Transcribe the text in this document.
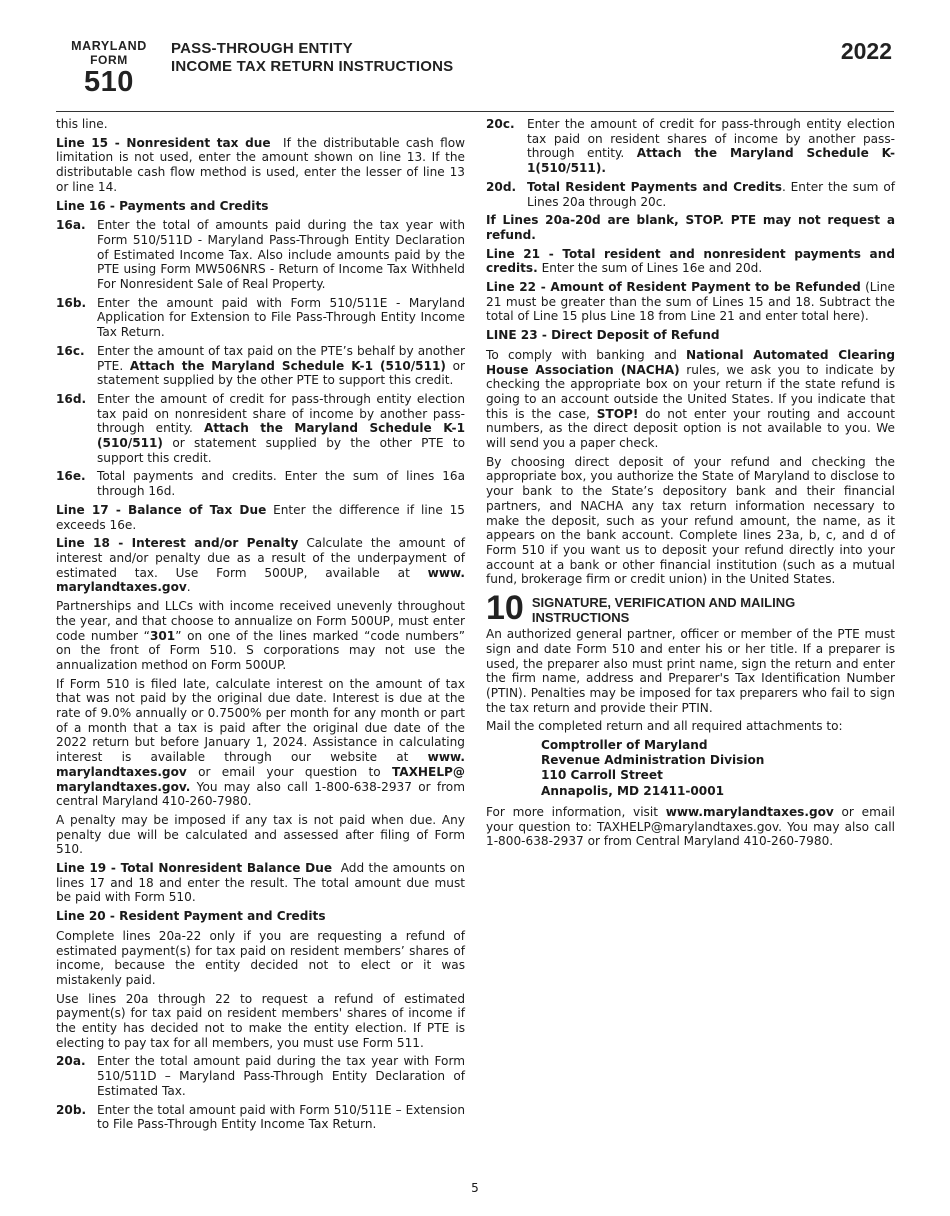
MARYLAND
FORM
510
PASS-THROUGH ENTITY
INCOME TAX RETURN INSTRUCTIONS
2022

this line.

Line 15 - Nonresident tax due If the distributable cash flow limitation is not used, enter the amount shown on line 13. If the distributable cash flow method is used, enter the lesser of line 13 or line 14.

Line 16 - Payments and Credits
16a. Enter the total of amounts paid during the tax year with Form 510/511D - Maryland Pass-Through Entity Declaration of Estimated Income Tax. Also include amounts paid by the PTE using Form MW506NRS - Return of Income Tax Withheld For Nonresident Sale of Real Property.
16b. Enter the amount paid with Form 510/511E - Maryland Application for Extension to File Pass-Through Entity Income Tax Return.
16c.	Enter the amount of tax paid on the PTE’s behalf by another PTE. Attach the Maryland Schedule K-1 (510/511) or statement supplied by the other PTE to support this credit.
16d. Enter the amount of credit for pass-through entity election tax paid on nonresident share of income by another pass-through entity. Attach the Maryland Schedule K-1 (510/511) or statement supplied by the other PTE to support this credit.
16e. Total payments and credits. Enter the sum of lines 16a through 16d.

Line 17 - Balance of Tax Due Enter the difference if line 15 exceeds 16e.

Line 18 - Interest and/or Penalty Calculate the amount of interest and/or penalty due as a result of the underpayment of estimated tax. Use Form 500UP, available at www. marylandtaxes.gov.

Partnerships and LLCs with income received unevenly throughout the year, and that choose to annualize on Form 500UP, must enter code number “301” on one of the lines marked “code numbers” on the front of Form 510. S corporations may not use the annualization method on Form 500UP.

If Form 510 is filed late, calculate interest on the amount of tax that was not paid by the original due date. Interest is due at the rate of 9.0% annually or 0.7500% per month for any month or part of a month that a tax is paid after the original due date of the 2022 return but before January 1, 2024. Assistance in calculating interest is available through our website at www. marylandtaxes.gov or email your question to TAXHELP@ marylandtaxes.gov. You may also call 1-800-638-2937 or from central Maryland 410-260-7980.

A penalty may be imposed if any tax is not paid when due. Any penalty due will be calculated and assessed after filing of Form 510.

Line 19 - Total Nonresident Balance Due Add the amounts on lines 17 and 18 and enter the result. The total amount due must be paid with Form 510.

Line 20 - Resident Payment and Credits

Complete lines 20a-22 only if you are requesting a refund of estimated payment(s) for tax paid on resident members’ shares of income, because the entity decided not to elect or it was mistakenly paid.

Use lines 20a through 22 to request a refund of estimated payment(s) for tax paid on resident members' shares of income if the entity has decided not to make the entity election. If PTE is electing to pay tax for all members, you must use Form 511.

20a. Enter the total amount paid during the tax year with Form 510/511D – Maryland Pass-Through Entity Declaration of Estimated Tax.
20b. Enter the total amount paid with Form 510/511E – Extension to File Pass-Through Entity Income Tax Return.
20c.	Enter the amount of credit for pass-through entity election tax paid on resident shares of income by another pass-through entity. Attach the Maryland Schedule K-1(510/511).
20d. Total Resident Payments and Credits. Enter the sum of Lines 20a through 20c.

If Lines 20a-20d are blank, STOP. PTE may not request a refund.

Line 21 - Total resident and nonresident payments and credits. Enter the sum of Lines 16e and 20d.

Line 22 - Amount of Resident Payment to be Refunded (Line 21 must be greater than the sum of Lines 15 and 18. Subtract the total of Line 15 plus Line 18 from Line 21 and enter total here).

LINE 23 - Direct Deposit of Refund

To comply with banking and National Automated Clearing House Association (NACHA) rules, we ask you to indicate by checking the appropriate box on your return if the state refund is going to an account outside the United States. If you indicate that this is the case, STOP! do not enter your routing and account numbers, as the direct deposit option is not available to you. We will send you a paper check.

By choosing direct deposit of your refund and checking the appropriate box, you authorize the State of Maryland to disclose to your bank to the State’s depository bank and their financial partners, and NACHA any tax return information necessary to make the deposit, such as your refund amount, the name, as it appears on the bank account. Complete lines 23a, b, c, and d of Form 510 if you want us to deposit your refund directly into your account at a bank or other financial institution (such as a mutual fund, brokerage firm or credit union) in the United States.

10 SIGNATURE, VERIFICATION AND MAILING
INSTRUCTIONS

An authorized general partner, officer or member of the PTE must sign and date Form 510 and enter his or her title. If a preparer is used, the preparer also must print name, sign the return and enter the firm name, address and Preparer's Tax Identification Number (PTIN). Penalties may be imposed for tax preparers who fail to sign the tax return and provide their PTIN.

Mail the completed return and all required attachments to:

Comptroller of Maryland
Revenue Administration Division
110 Carroll Street
Annapolis, MD 21411-0001

For more information, visit www.marylandtaxes.gov or email your question to: TAXHELP@marylandtaxes.gov. You may also call 1-800-638-2937 or from Central Maryland 410-260-7980.

5
